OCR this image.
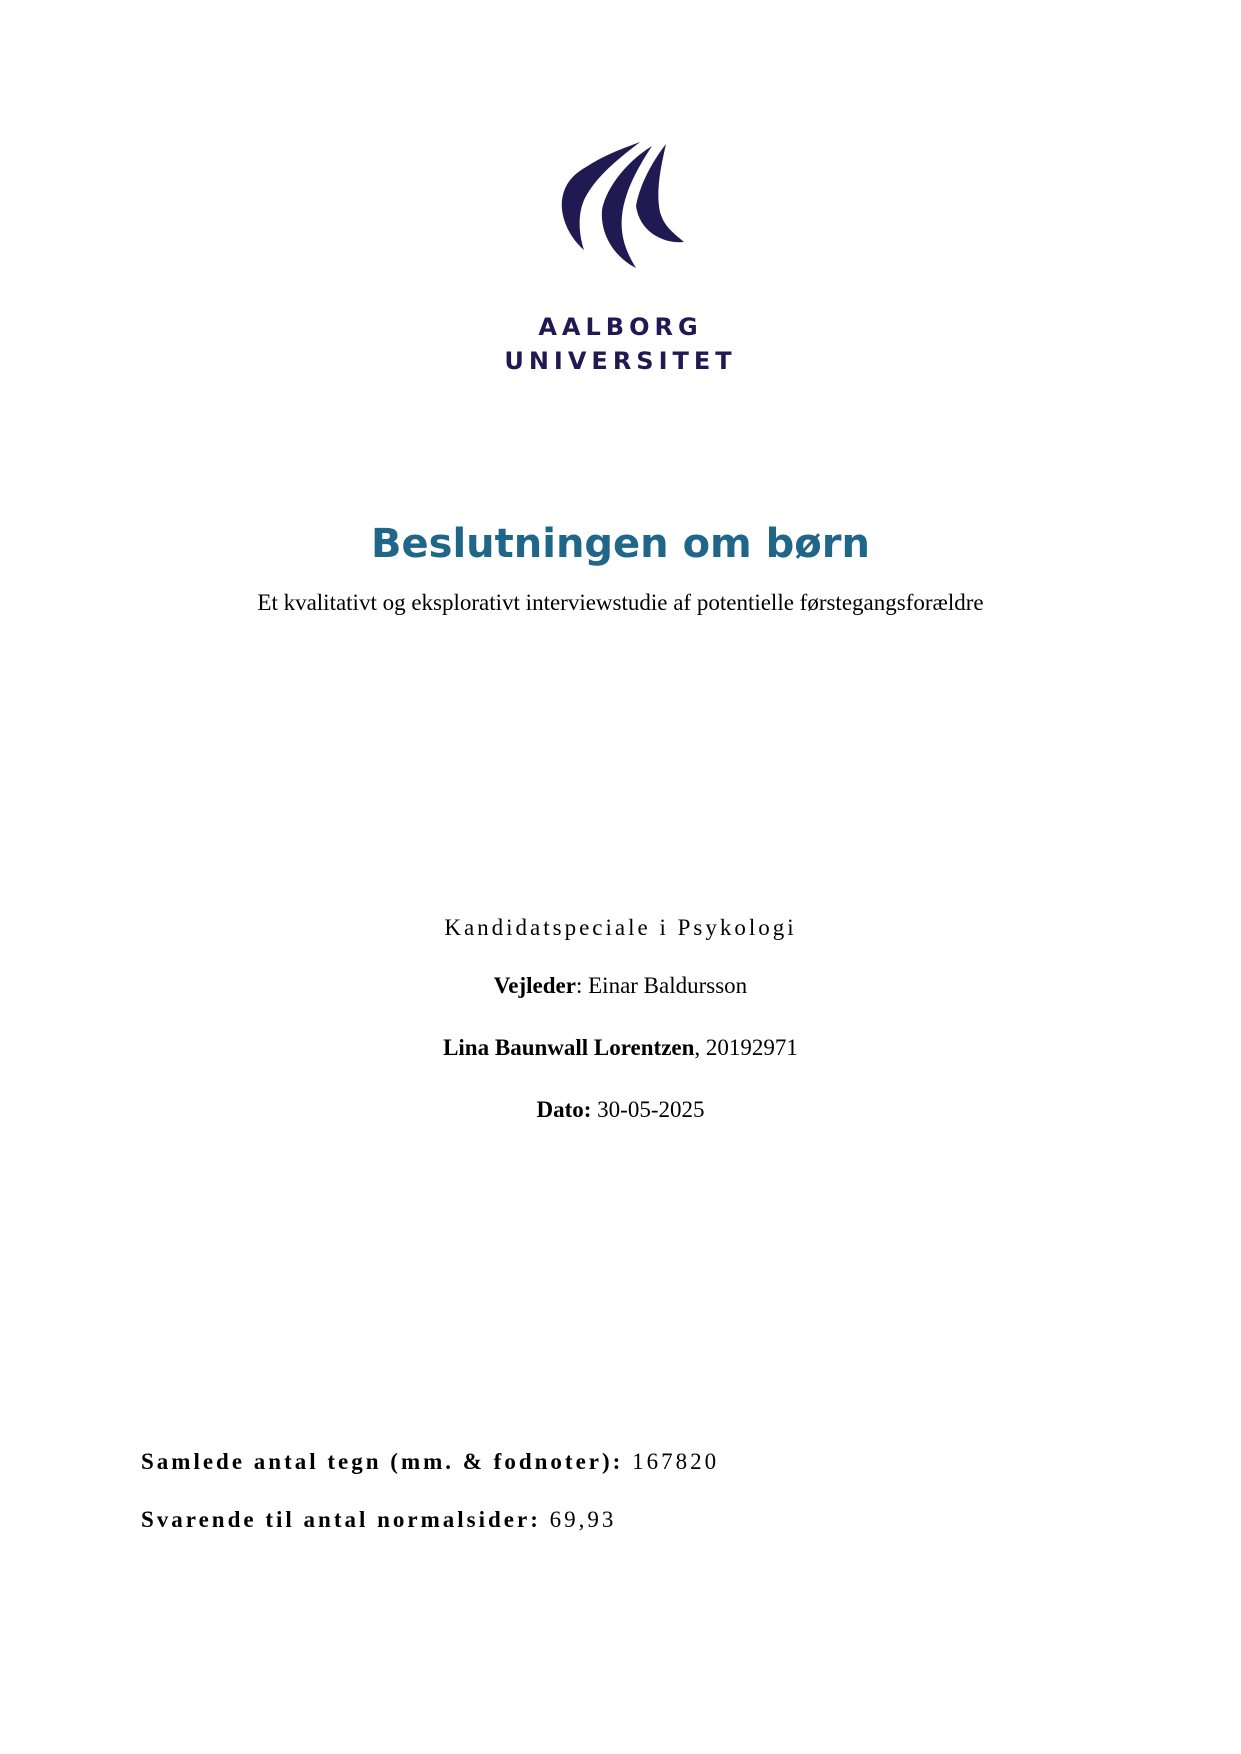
AALBORG
UNIVERSITET
Beslutningen om børn
Et kvalitativt og eksplorativt interviewstudie af potentielle førstegangsforældre
Kandidatspeciale i Psykologi
Vejleder: Einar Baldursson
Lina Baunwall Lorentzen, 20192971
Dato: 30-05-2025
Samlede antal tegn (mm. & fodnoter): 167820
Svarende til antal normalsider: 69,93
